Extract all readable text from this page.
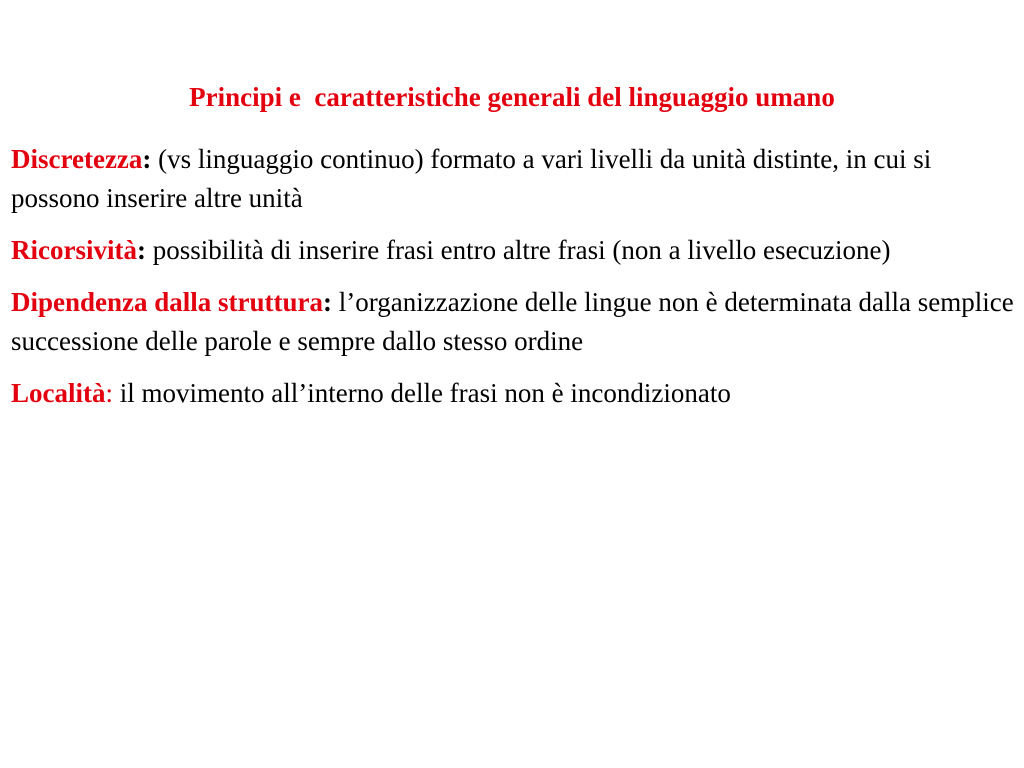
Principi e  caratteristiche generali del linguaggio umano

Discretezza: (vs linguaggio continuo) formato a vari livelli da unità distinte, in cui si possono inserire altre unità

Ricorsività: possibilità di inserire frasi entro altre frasi (non a livello esecuzione)

Dipendenza dalla struttura: l’organizzazione delle lingue non è determinata dalla semplice successione delle parole e sempre dallo stesso ordine

Località: il movimento all’interno delle frasi non è incondizionato
